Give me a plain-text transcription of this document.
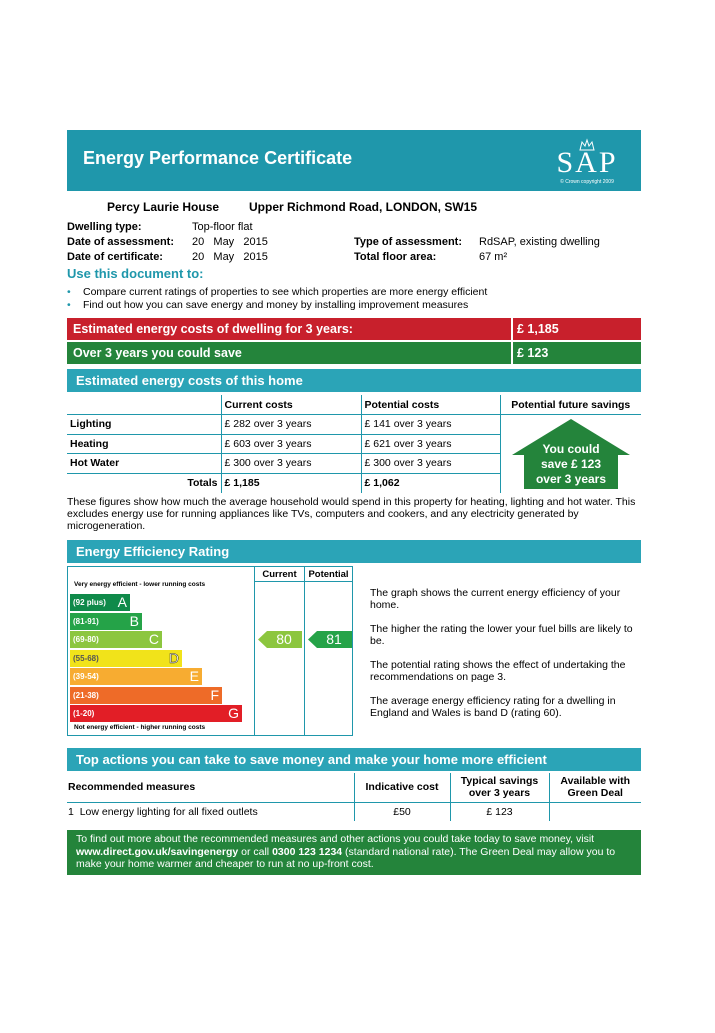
Energy Performance Certificate	SAP
© Crown copyright 2009
Percy Laurie House Upper Richmond Road, LONDON, SW15
Dwelling type:	Top-floor flat
Date of assessment: 20   May   2015
Date of certificate:	20   May   2015
Type of assessment: RdSAP, existing dwelling
Total floor area:	67 m²
Use this document to:
• Compare current ratings of properties to see which properties are more energy efficient
• Find out how you can save energy and money by installing improvement measures
Estimated energy costs of dwelling for 3 years:	£ 1,185
Over 3 years you could save	£ 123
Estimated energy costs of this home
	Current costs	Potential costs	Potential future savings
Lighting	£ 282 over 3 years	£ 141 over 3 years	
Heating	£ 603 over 3 years	£ 621 over 3 years	
Hot Water	£ 300 over 3 years	£ 300 over 3 years	
Totals	£ 1,185	£ 1,062	
You could
save £ 123
over 3 years
These figures show how much the average household would spend in this property for heating, lighting and hot water. This excludes energy use for running appliances like TVs, computers and cookers, and any electricity generated by microgeneration.
Energy Efficiency Rating
Current	Potential
Very energy efficient - lower running costs
Not energy efficient - higher running costs
(92 plus) A
(81-91) B
(69-80)	C
(55-68)	D
(39-54)	E
(21-38)	F
(1-20)	G
80	81
The graph shows the current energy efficiency of your home.
The higher the rating the lower your fuel bills are likely to be.
The potential rating shows the effect of undertaking the recommendations on page 3.
The average energy efficiency rating for a dwelling in England and Wales is band D (rating 60).
Top actions you can take to save money and make your home more efficient
Recommended measures	Indicative cost	Typical savings
over 3 years	Available with
Green Deal
1 Low energy lighting for all fixed outlets	£50	£ 123	
To find out more about the recommended measures and other actions you could take today to save money, visit www.direct.gov.uk/savingenergy or call 0300 123 1234 (standard national rate). The Green Deal may allow you to make your home warmer and cheaper to run at no up-front cost.
